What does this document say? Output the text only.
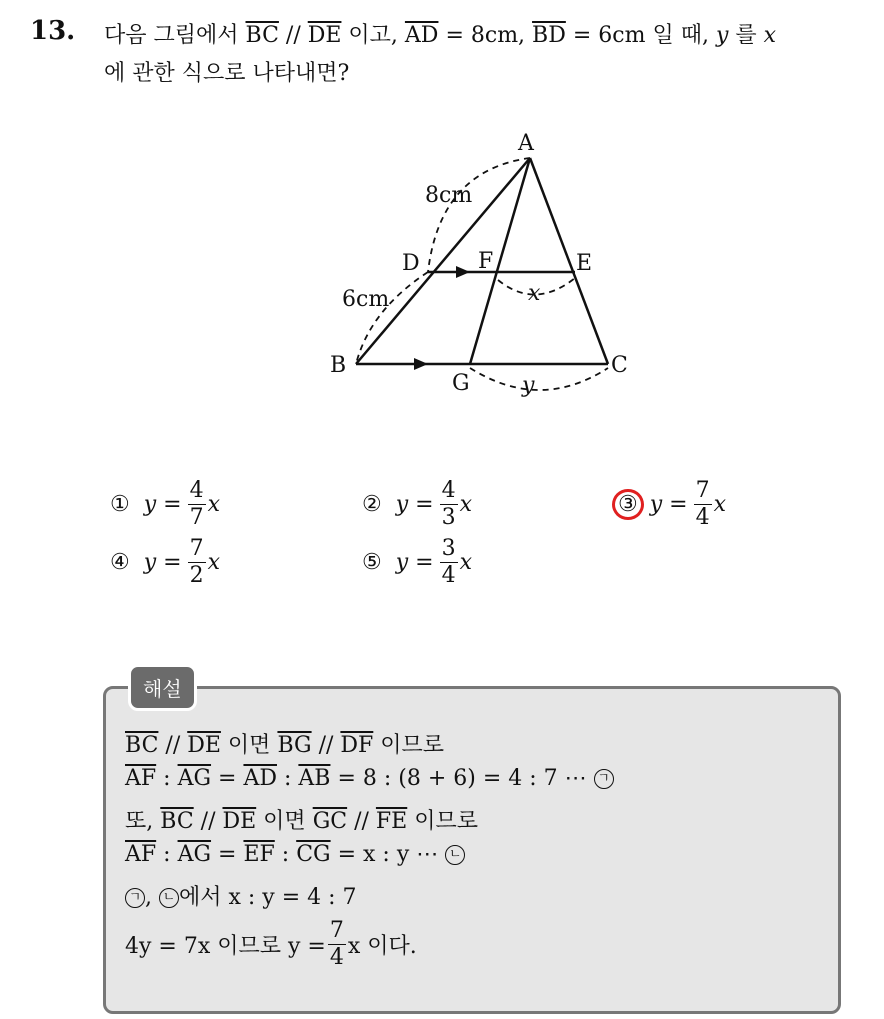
13. 다음 그림에서 $\overline{BC} // \overline{DE}$ 이고, $\overline{AD} = 8cm$, $\overline{BD} = 6cm$ 일 때, y 를 x
에 관한 식으로 나타내면?
A
B	C
D	E
F
G
8cm
6cm	x
y
① $y = \frac{4}{7}$ x	② $y = \frac{4}{3}$ x	③ $y = \frac{7}{4}$ x
④ $y = \frac{7}{2}$ x	⑤ $y = \frac{3}{4}$ x
해설
$\overline{BC} // \overline{DE}$ 이면 $\overline{BG} // \overline{DF}$ 이므로
$\overline{AF}$ : $\overline{AG} = \overline{AD}$ : $\overline{AB} = 8$ : (8 + 6) = 4 : 7 ⋯ ㄱ
또, $\overline{BC} // \overline{DE}$ 이면 $\overline{GC} // \overline{FE}$ 이므로
$\overline{AF}$ : $\overline{AG} = \overline{EF}$ : $\overline{CG} = x$ : y ⋯ ㄴ
ㄱ , ㄴ 에서 x : y = 4 : 7
4y = 7x 이므로 $y = \frac{7}{4}$ x 이다.
